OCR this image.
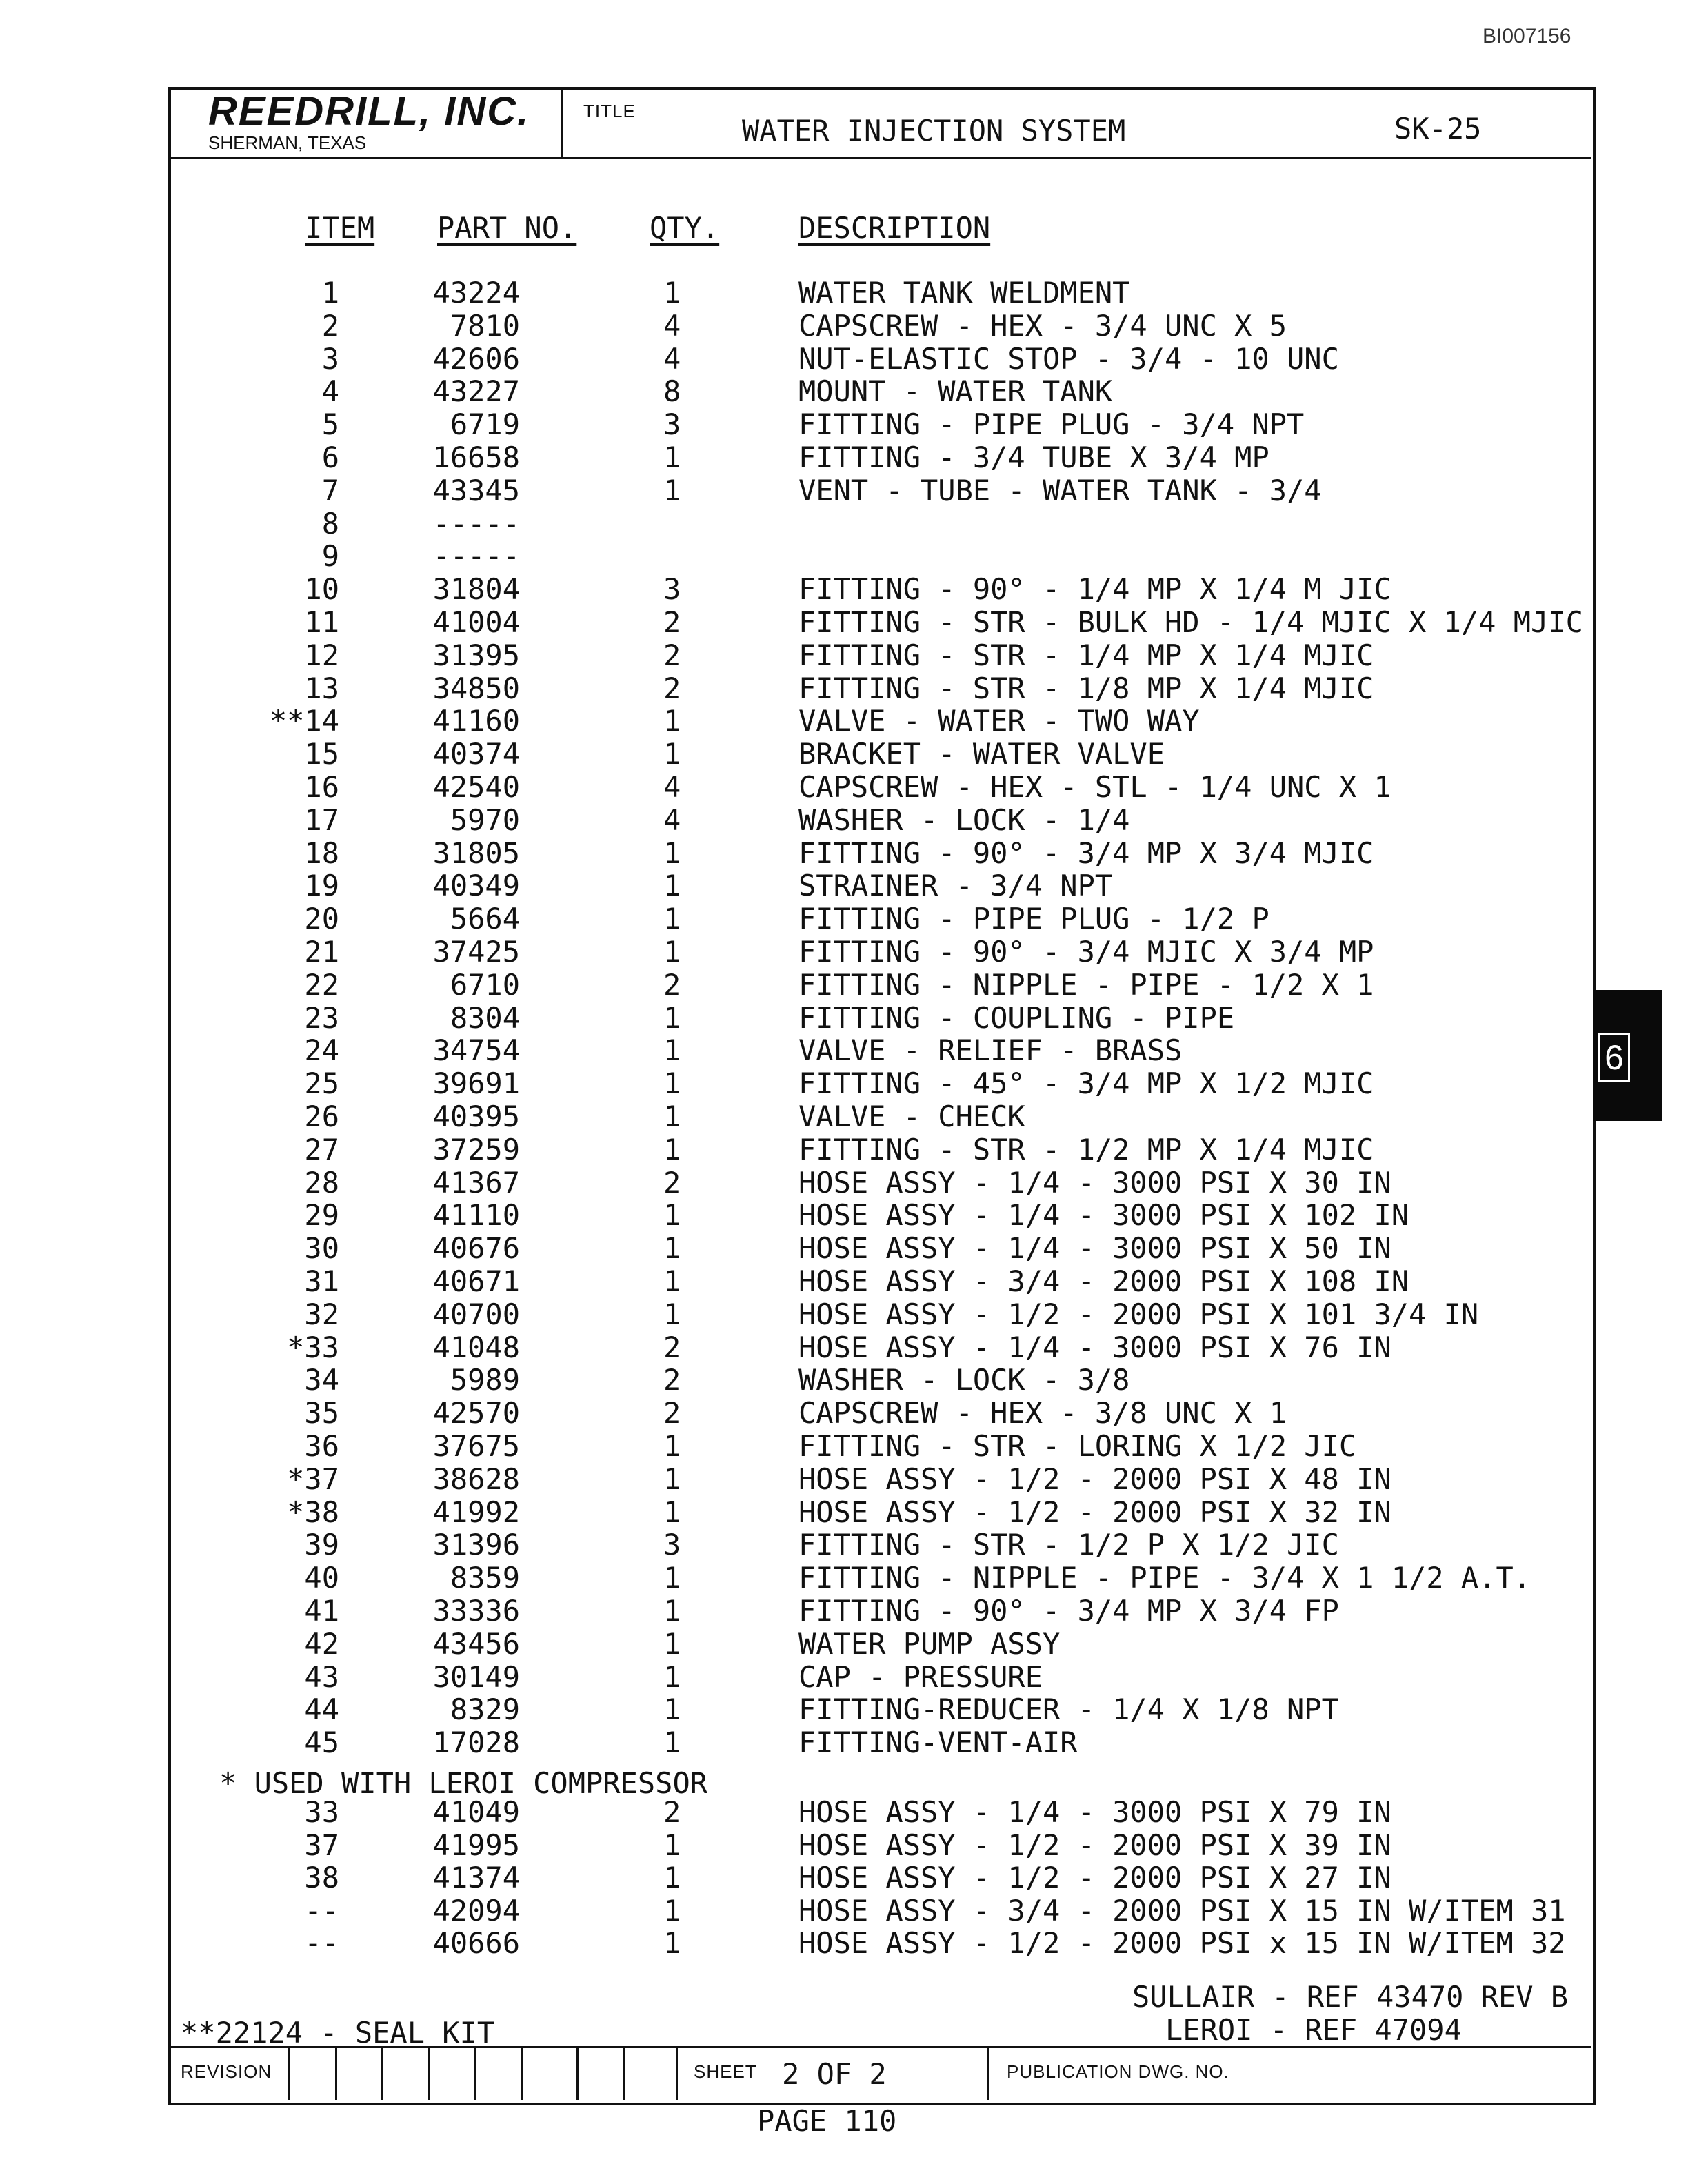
BI007156
REEDRILL, INC.
SHERMAN, TEXAS
TITLE
WATER INJECTION SYSTEM	SK-25
ITEM PART NO.	QTY.	DESCRIPTION
1	43224	1	WATER TANK WELDMENT
2	7810	4	CAPSCREW - HEX - 3/4 UNC X 5
3	42606	4	NUT-ELASTIC STOP - 3/4 - 10 UNC
4	43227	8	MOUNT - WATER TANK
5	6719	3	FITTING - PIPE PLUG - 3/4 NPT
6	16658	1	FITTING - 3/4 TUBE X 3/4 MP
7	43345	1	VENT - TUBE - WATER TANK - 3/4
8	-----
9	-----
10	31804	3	FITTING - 90° - 1/4 MP X 1/4 M JIC
11	41004	2	FITTING - STR - BULK HD - 1/4 MJIC X 1/4 MJIC
12	31395	2	FITTING - STR - 1/4 MP X 1/4 MJIC
13	34850	2	FITTING - STR - 1/8 MP X 1/4 MJIC
**14	41160	1	VALVE - WATER - TWO WAY
15	40374	1	BRACKET - WATER VALVE
16	42540	4	CAPSCREW - HEX - STL - 1/4 UNC X 1
17	5970	4	WASHER - LOCK - 1/4
18	31805	1	FITTING - 90° - 3/4 MP X 3/4 MJIC
19	40349	1	STRAINER - 3/4 NPT
20	5664	1	FITTING - PIPE PLUG - 1/2 P
21	37425	1	FITTING - 90° - 3/4 MJIC X 3/4 MP
22	6710	2	FITTING - NIPPLE - PIPE - 1/2 X 1
23	8304	1	FITTING - COUPLING - PIPE
24	34754	1	VALVE - RELIEF - BRASS
25	39691	1	FITTING - 45° - 3/4 MP X 1/2 MJIC
26	40395	1	VALVE - CHECK
27	37259	1	FITTING - STR - 1/2 MP X 1/4 MJIC
28	41367	2	HOSE ASSY - 1/4 - 3000 PSI X 30 IN
29	41110	1	HOSE ASSY - 1/4 - 3000 PSI X 102 IN
30	40676	1	HOSE ASSY - 1/4 - 3000 PSI X 50 IN
31	40671	1	HOSE ASSY - 3/4 - 2000 PSI X 108 IN
32	40700	1	HOSE ASSY - 1/2 - 2000 PSI X 101 3/4 IN
*33	41048	2	HOSE ASSY - 1/4 - 3000 PSI X 76 IN
34	5989	2	WASHER - LOCK - 3/8
35	42570	2	CAPSCREW - HEX - 3/8 UNC X 1
36	37675	1	FITTING - STR - LORING X 1/2 JIC
*37	38628	1	HOSE ASSY - 1/2 - 2000 PSI X 48 IN
*38	41992	1	HOSE ASSY - 1/2 - 2000 PSI X 32 IN
39	31396	3	FITTING - STR - 1/2 P X 1/2 JIC
40	8359	1	FITTING - NIPPLE - PIPE - 3/4 X 1 1/2 A.T.
41	33336	1	FITTING - 90° - 3/4 MP X 3/4 FP
42	43456	1	WATER PUMP ASSY
43	30149	1	CAP - PRESSURE
44	8329	1	FITTING-REDUCER - 1/4 X 1/8 NPT
45	17028	1	FITTING-VENT-AIR
* USED WITH LEROI COMPRESSOR
33	41049	2	HOSE ASSY - 1/4 - 3000 PSI X 79 IN
37	41995	1	HOSE ASSY - 1/2 - 2000 PSI X 39 IN
38	41374	1	HOSE ASSY - 1/2 - 2000 PSI X 27 IN
--	42094	1	HOSE ASSY - 3/4 - 2000 PSI X 15 IN W/ITEM 31
--	40666	1	HOSE ASSY - 1/2 - 2000 PSI x 15 IN W/ITEM 32
6
SULLAIR - REF 43470 REV B
LEROI - REF 47094
**22124 - SEAL KIT
REVISION	SHEET 2 OF 2	PUBLICATION DWG. NO.
PAGE 110
